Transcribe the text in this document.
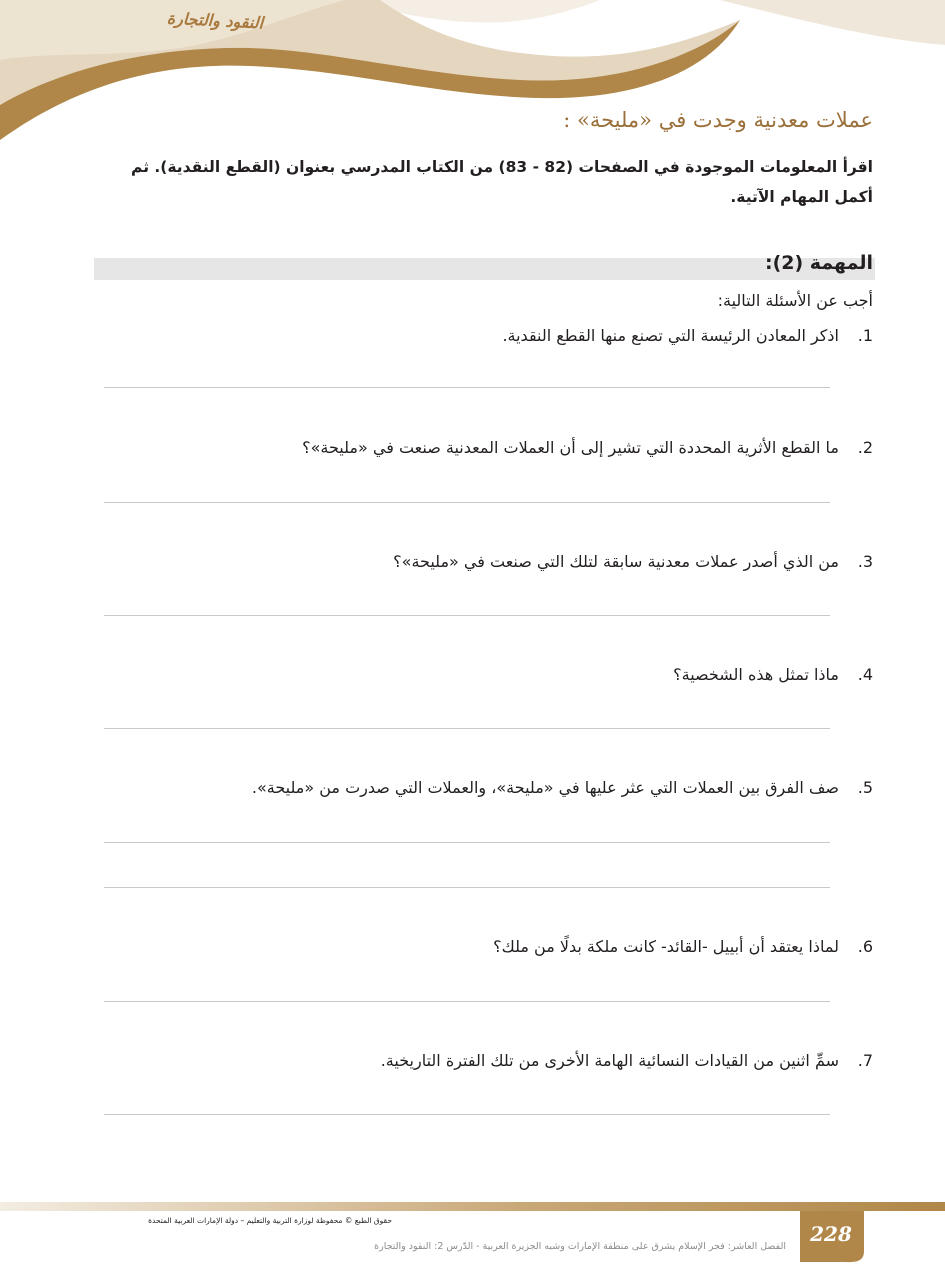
النقود والتجارة
عملات معدنية وجدت في «مليحة» :
اقرأ المعلومات الموجودة في الصفحات (82 - 83) من الكتاب المدرسي بعنوان (القطع النقدية). ثم أكمل المهام الآتية.
المهمة (2):
أجب عن الأسئلة التالية:
1.اذكر المعادن الرئيسة التي تصنع منها القطع النقدية.
2.ما القطع الأثرية المحددة التي تشير إلى أن العملات المعدنية صنعت في «مليحة»؟
3.من الذي أصدر عملات معدنية سابقة لتلك التي صنعت في «مليحة»؟
4.ماذا تمثل هذه الشخصية؟
5.صف الفرق بين العملات التي عثر عليها في «مليحة»، والعملات التي صدرت من «مليحة».
6.لماذا يعتقد أن أبييل -القائد- كانت ملكة بدلًا من ملك؟
7.سمِّ اثنين من القيادات النسائية الهامة الأخرى من تلك الفترة التاريخية.
228
حقوق الطبع © محفوظة لوزارة التربية والتعليم – دولة الإمارات العربية المتحدة
الفصل العاشر: فجر الإسلام يشرق على منطقة الإمارات وشبه الجزيرة العربية - الدّرس 2: النقود والتجارة
